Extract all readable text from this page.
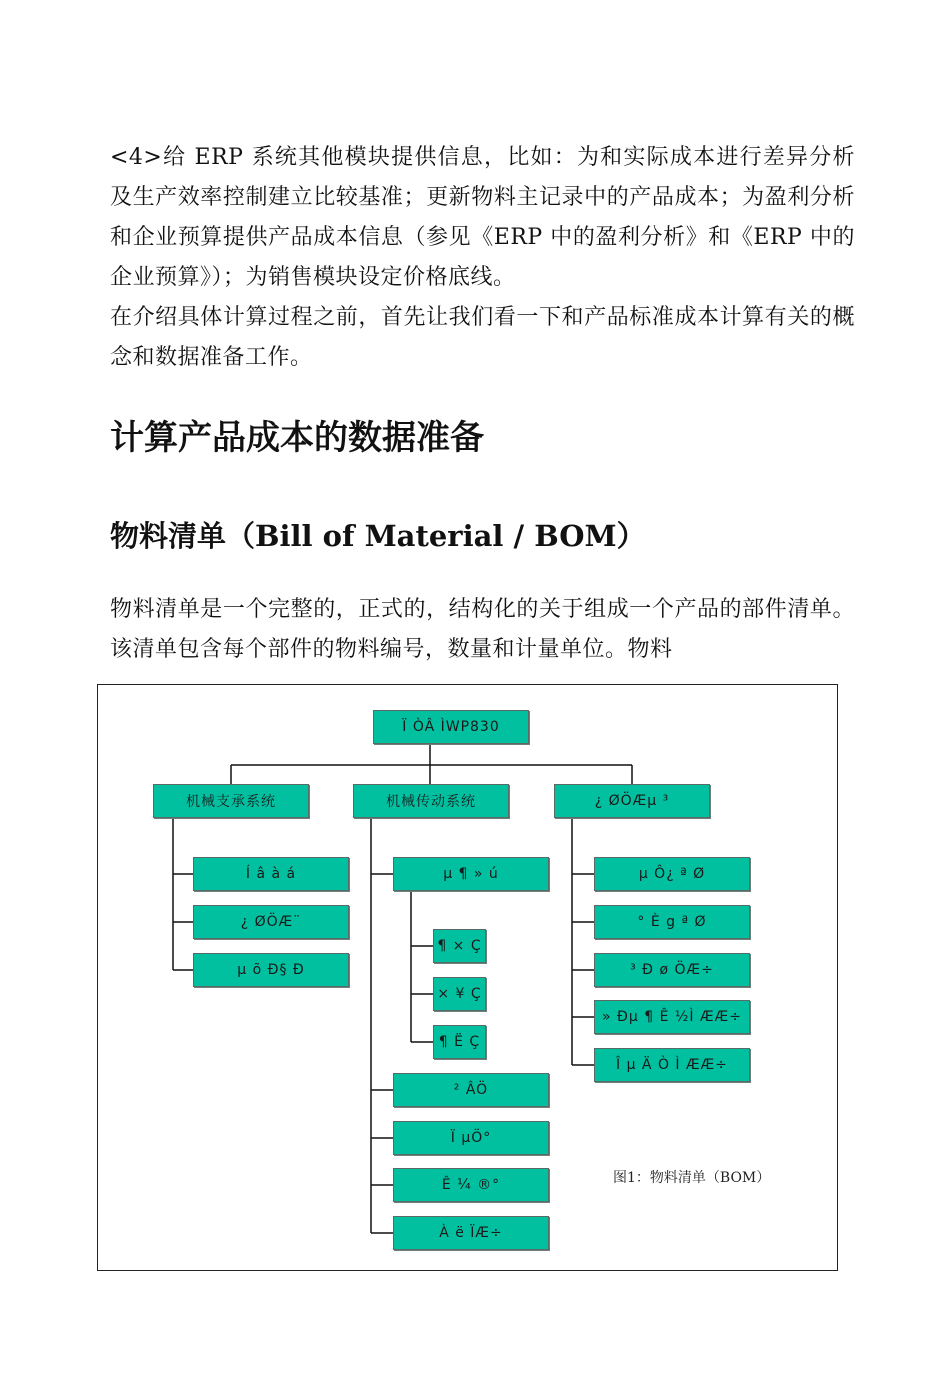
<4>给 ERP 系统其他模块提供信息，比如：为和实际成本进行差异分析及生产效率控制建立比较基准；更新物料主记录中的产品成本；为盈利分析和企业预算提供产品成本信息（参见《ERP 中的盈利分析》和《ERP 中的企业预算》）；为销售模块设定价格底线。

在介绍具体计算过程之前，首先让我们看一下和产品标准成本计算有关的概念和数据准备工作。

计算产品成本的数据准备
物料清单（Bill of Material / BOM）

物料清单是一个完整的，正式的，结构化的关于组成一个产品的部件清单。该清单包含每个部件的物料编号，数量和计量单位。物料

Ï ÒÂ ÌWP830
机械支承系统	机械传动系统	¿ ØÖÆµ ³
Í â à á
¿ ØÖÆ¨
µ õ Ð§ Ð
µ ¶ » ú
¶ × Ç
× ¥ Ç
¶ Ë Ç
² ÂÖ
Ï µÖ°
Ê ¼ ®°
À ë ÏÆ÷
µ Ô¿ ª Ø
° È g ª Ø
³ Ð ø ÖÆ÷
» Ðµ ¶ Ê ½Ì ÆÆ÷
Î µ Ä Ò Ì ÆÆ÷
图1：物料清单（BOM）
